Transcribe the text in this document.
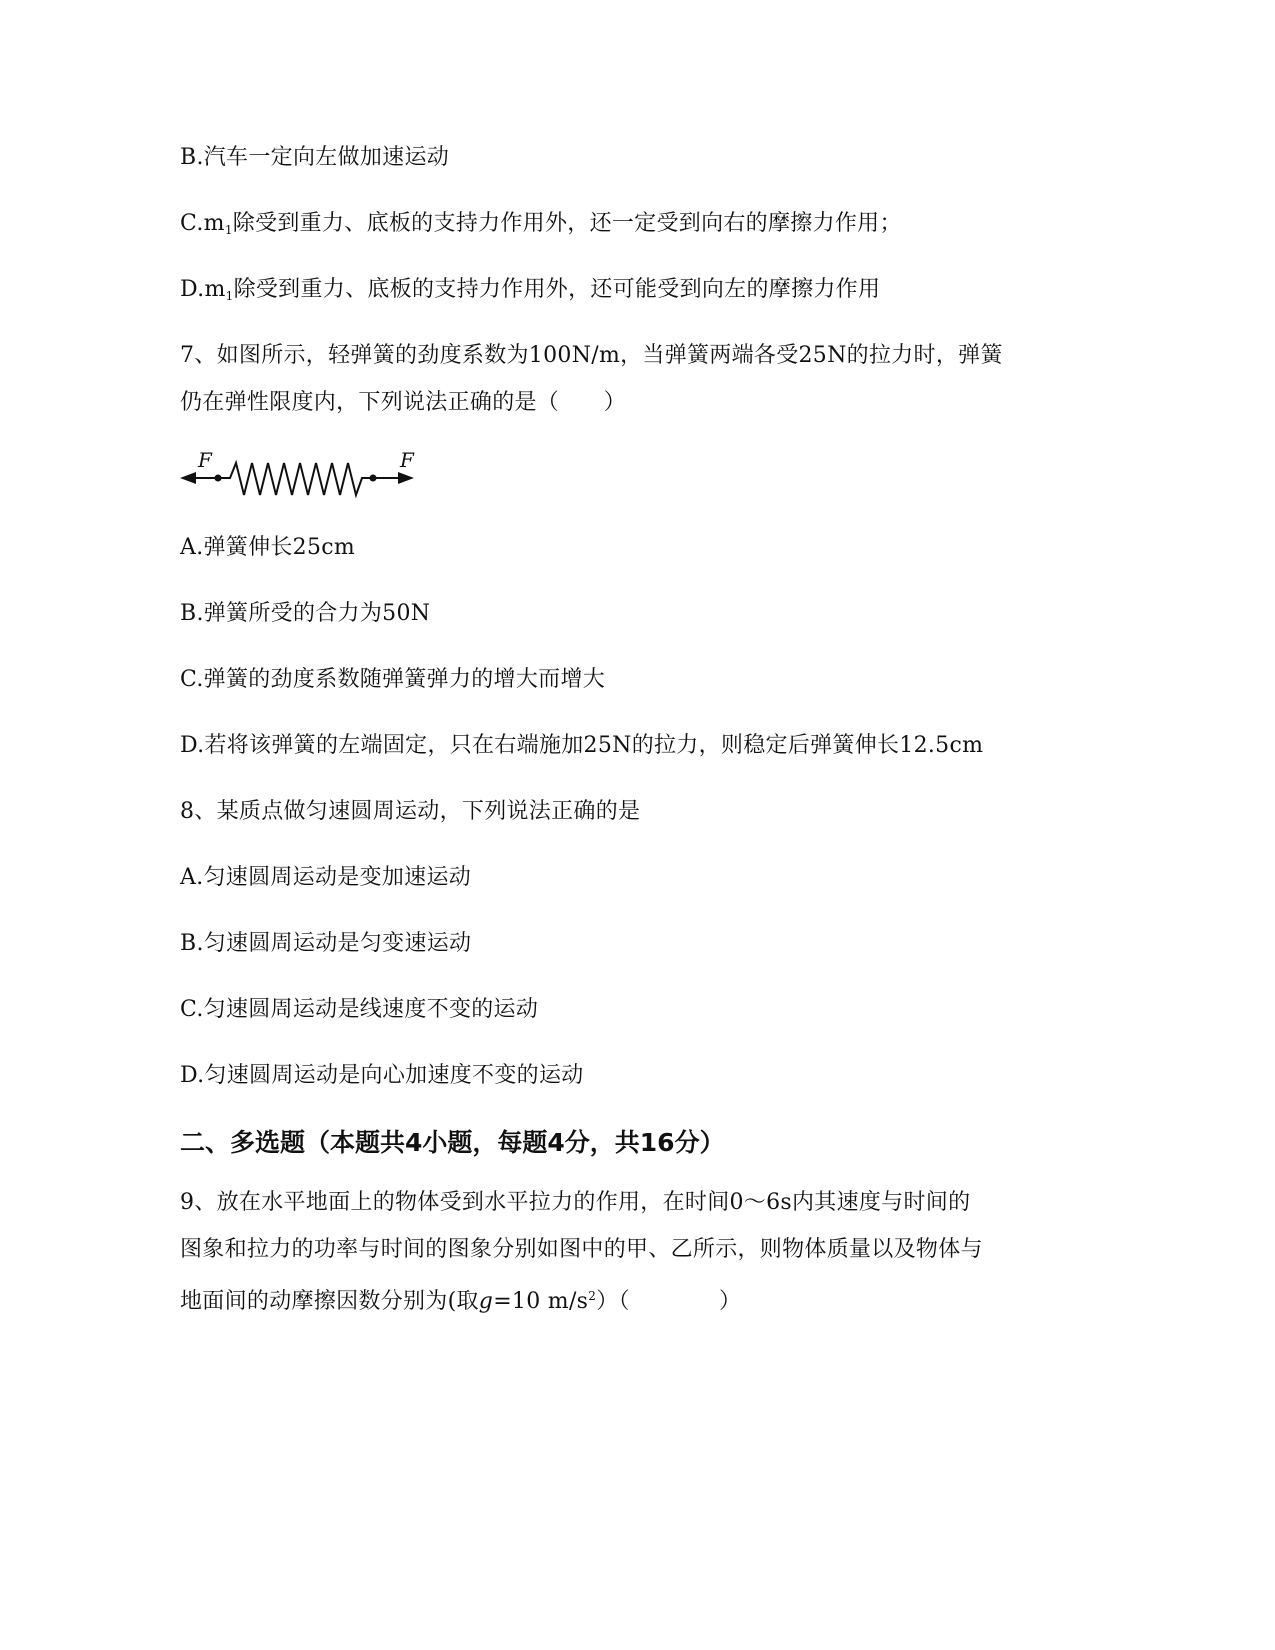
B.汽车一定向左做加速运动
$C.m_1$除受到重力、底板的支持力作用外，还一定受到向右的摩擦力作用；
$D.m_1$除受到重力、底板的支持力作用外，还可能受到向左的摩擦力作用
7、如图所示，轻弹簧的劲度系数为100N/m，当弹簧两端各受25N的拉力时，弹簧
仍在弹性限度内，下列说法正确的是（　　）
F	F
A.弹簧伸长25cm
B.弹簧所受的合力为50N
C.弹簧的劲度系数随弹簧弹力的增大而增大
D.若将该弹簧的左端固定，只在右端施加25N的拉力，则稳定后弹簧伸长12.5cm
8、某质点做匀速圆周运动，下列说法正确的是
A.匀速圆周运动是变加速运动
B.匀速圆周运动是匀变速运动
C.匀速圆周运动是线速度不变的运动
D.匀速圆周运动是向心加速度不变的运动
二、多选题（本题共4小题，每题4分，共16分）
9、放在水平地面上的物体受到水平拉力的作用，在时间0～6s内其速度与时间的
图象和拉力的功率与时间的图象分别如图中的甲、乙所示，则物体质量以及物体与
地面间的动摩擦因数分别为(取g=10 $m/s^2$）（　　　　）
